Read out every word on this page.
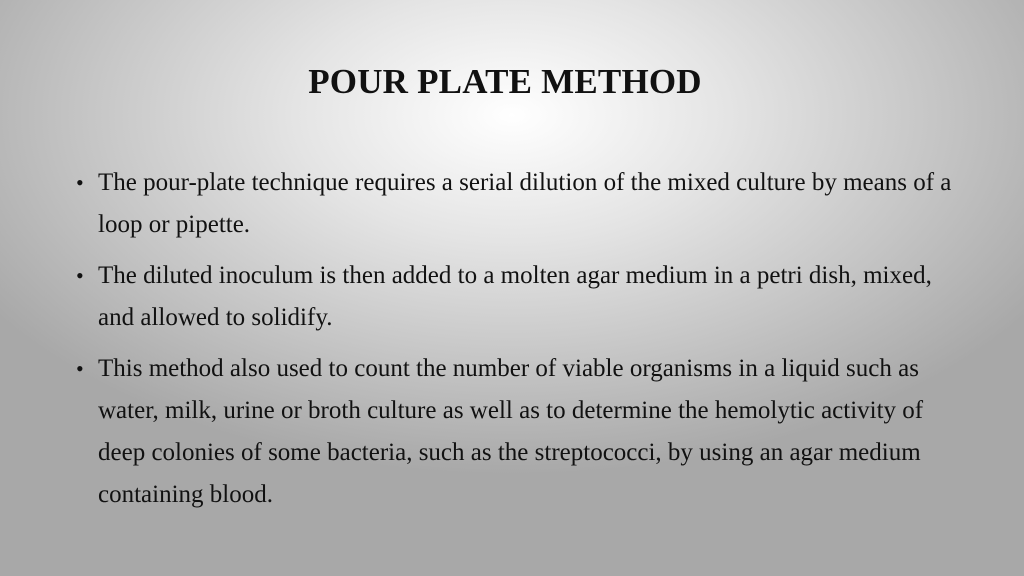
POUR PLATE METHOD
• The pour-plate technique requires a serial dilution of the mixed culture by means of a loop or pipette.
• The diluted inoculum is then added to a molten agar medium in a petri dish, mixed, and allowed to solidify.
• This method also used to count the number of viable organisms in a liquid such as water, milk, urine or broth culture as well as to determine the hemolytic activity of deep colonies of some bacteria, such as the streptococci, by using an agar medium containing blood.
